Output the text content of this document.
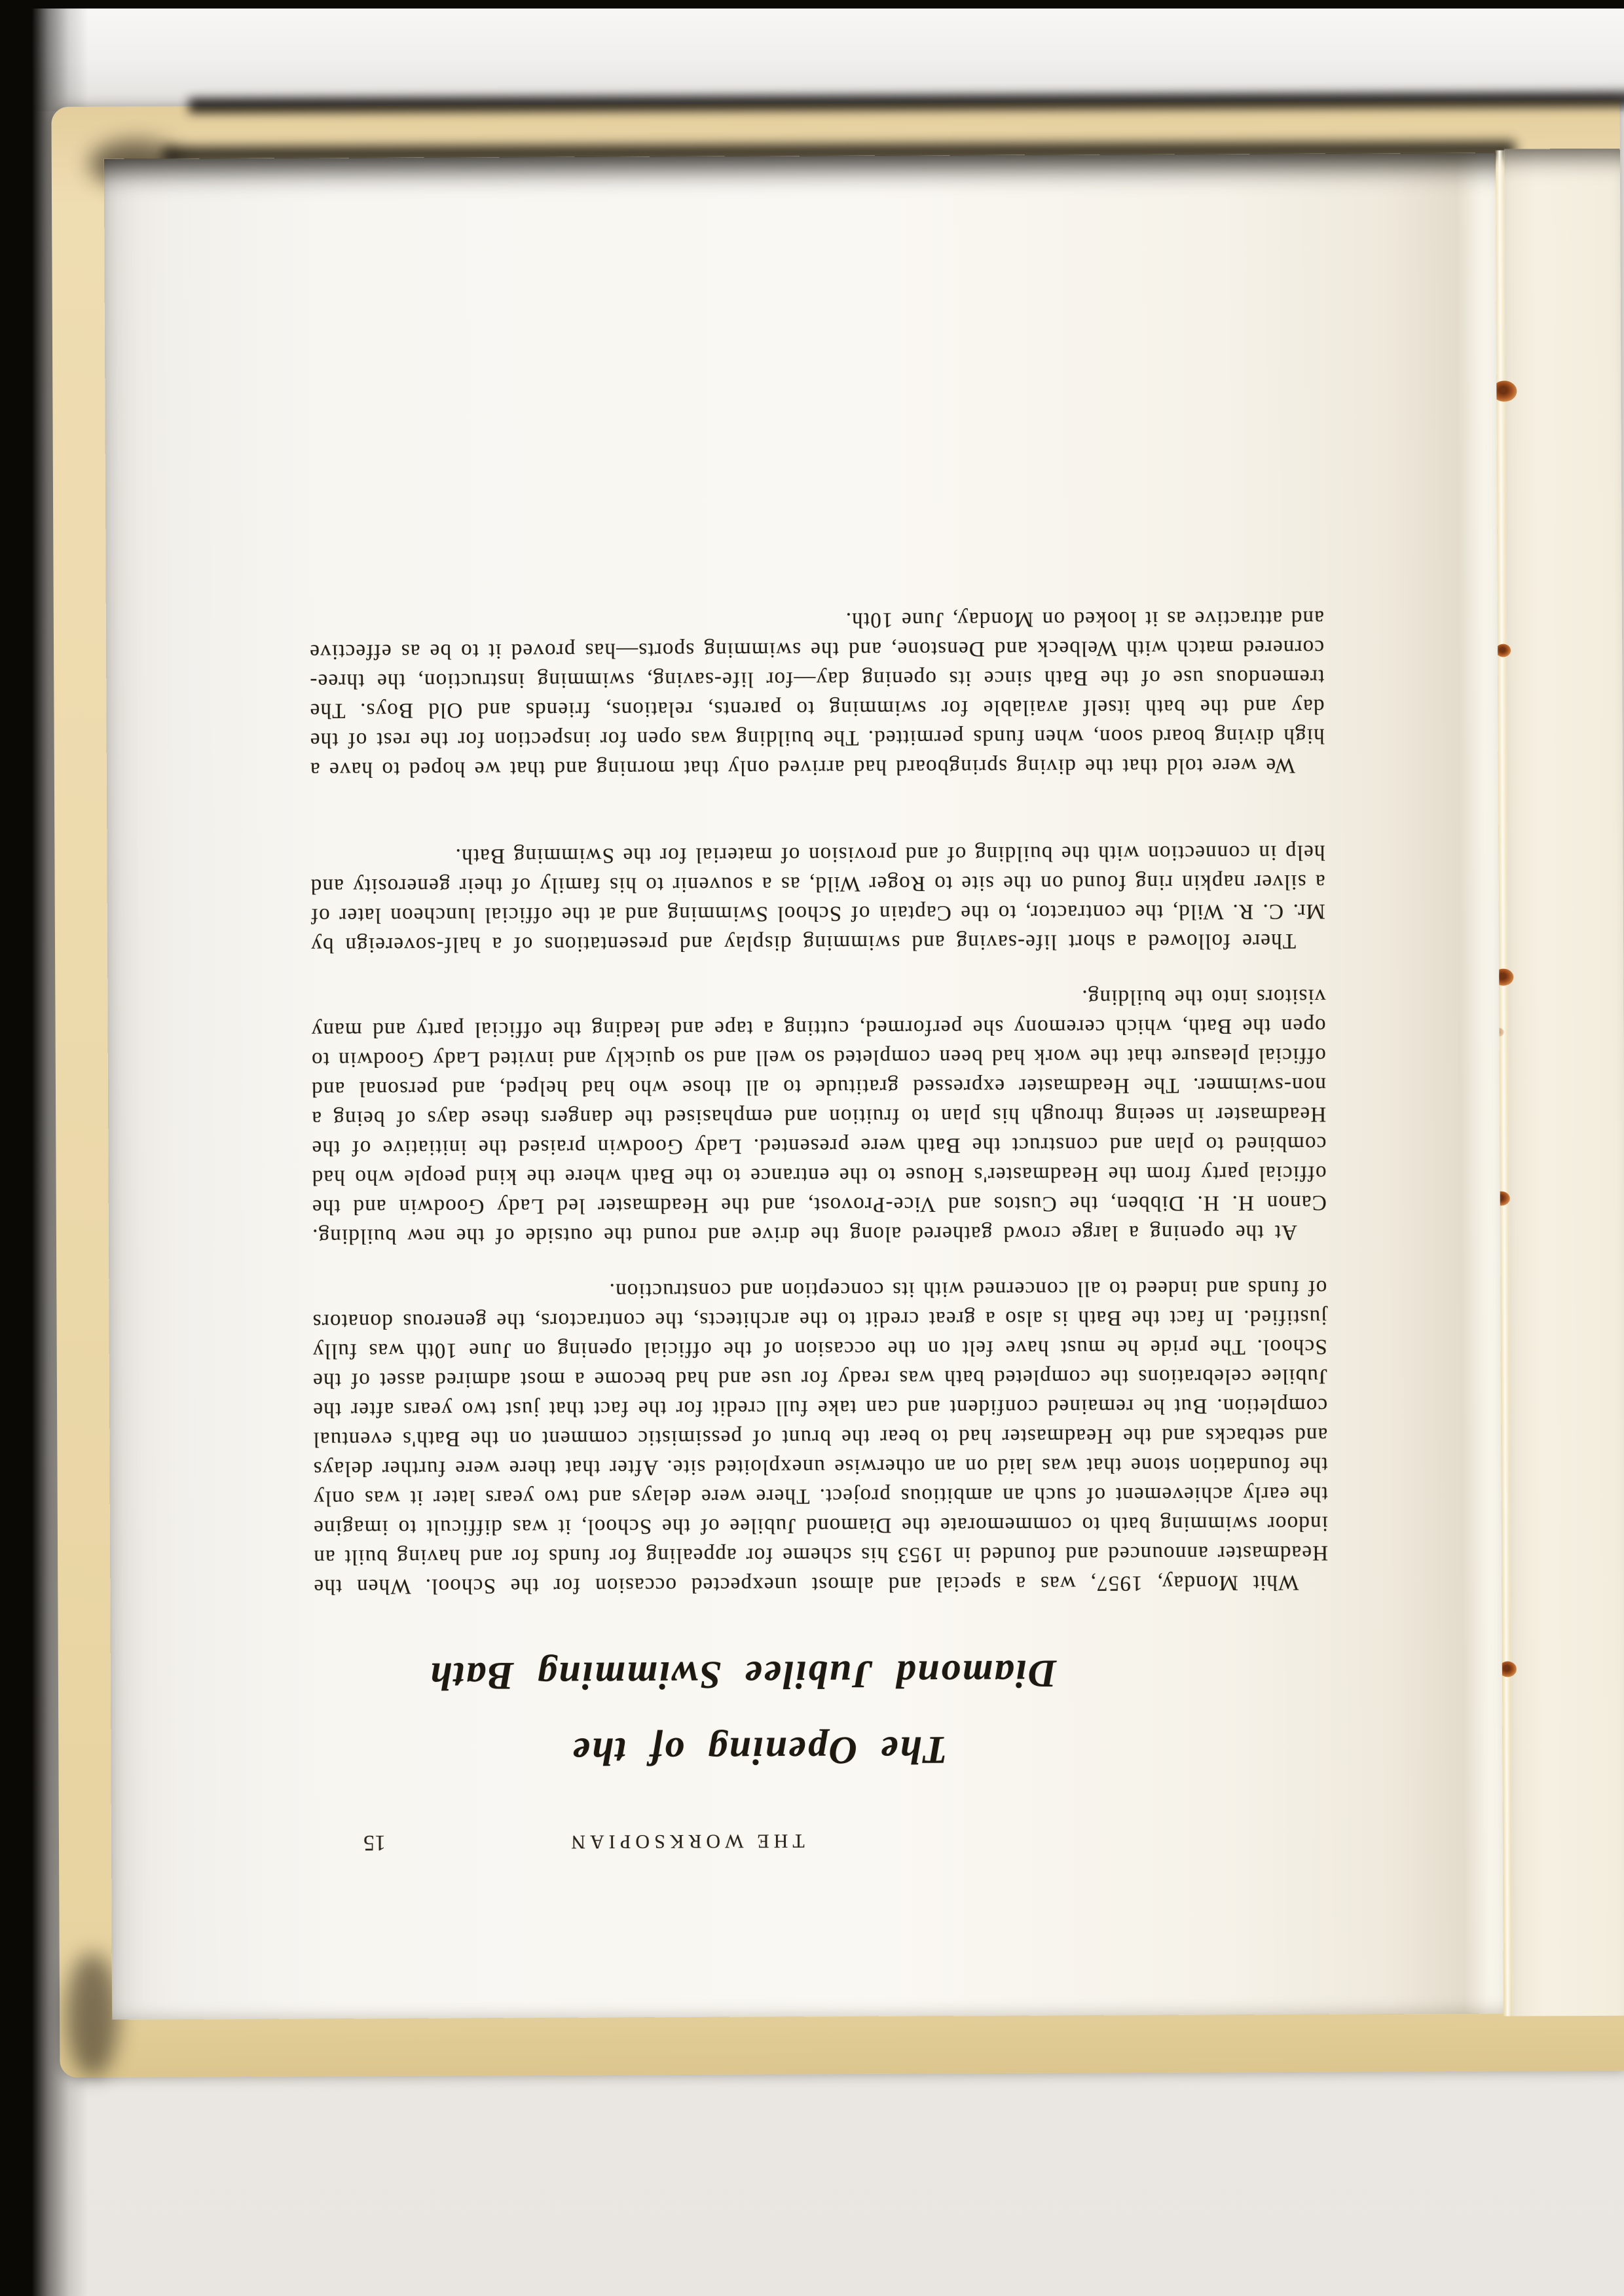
THE WORKSOPIAN
15
The Opening of the
Diamond Jubilee Swimming Bath

Whit Monday, 1957, was a special and almost unexpected occasion for the School. When the Headmaster announced and founded in 1953 his scheme for appealing for funds for and having built an indoor swimming bath to commemorate the Diamond Jubilee of the School, it was difficult to imagine the early achievement of such an ambitious project. There were delays and two years later it was only the foundation stone that was laid on an otherwise unexploited site. After that there were further delays and setbacks and the Headmaster had to bear the brunt of pessimistic comment on the Bath's eventual completion. But he remained confident and can take full credit for the fact that just two years after the Jubilee celebrations the completed bath was ready for use and had become a most admired asset of the School. The pride he must have felt on the occasion of the official opening on June 10th was fully justified. In fact the Bath is also a great credit to the architects, the contractors, the generous donators of funds and indeed to all concerned with its conception and construction.

At the opening a large crowd gathered along the drive and round the outside of the new building. Canon H. H. Dibben, the Custos and Vice-Provost, and the Headmaster led Lady Goodwin and the official party from the Headmaster's House to the entrance to the Bath where the kind people who had combined to plan and construct the Bath were presented. Lady Goodwin praised the initiative of the Headmaster in seeing through his plan to fruition and emphasised the dangers these days of being a non-swimmer. The Headmaster expressed gratitude to all those who had helped, and personal and official pleasure that the work had been completed so well and so quickly and invited Lady Goodwin to open the Bath, which ceremony she performed, cutting a tape and leading the official party and many visitors into the building.

There followed a short life-saving and swimming display and presentations of a half-sovereign by Mr. C. R. Wild, the contractor, to the Captain of School Swimming and at the official luncheon later of a silver napkin ring found on the site to Roger Wild, as a souvenir to his family of their generosity and help in connection with the building of and provision of material for the Swimming Bath.

We were told that the diving springboard had arrived only that morning and that we hoped to have a high diving board soon, when funds permitted. The building was open for inspection for the rest of the day and the bath itself available for swimming to parents, relations, friends and Old Boys. The tremendous use of the Bath since its opening day—for life-saving, swimming instruction, the three-cornered match with Welbeck and Denstone, and the swimming sports—has proved it to be as effective and attractive as it looked on Monday, June 10th.
